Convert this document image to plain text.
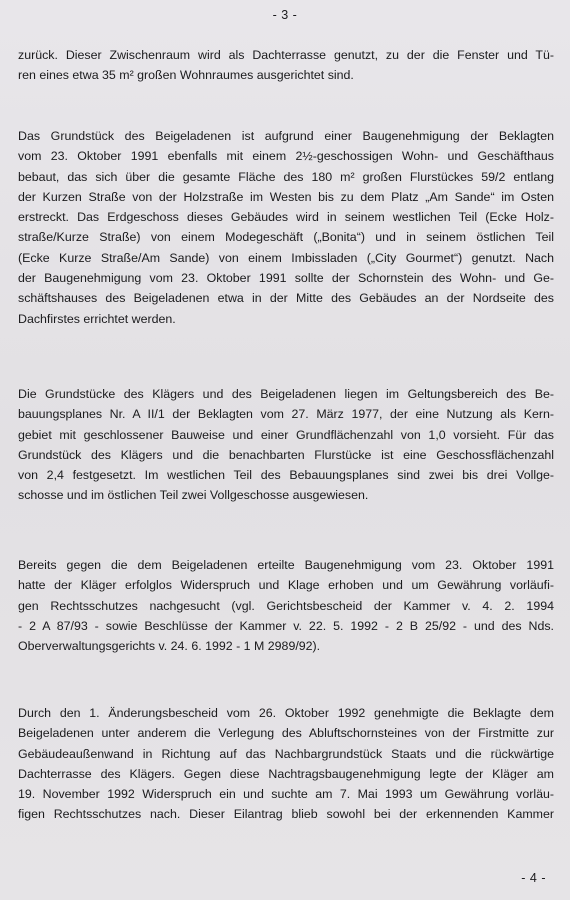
- 3 -
zurück. Dieser Zwischenraum wird als Dachterrasse genutzt, zu der die Fenster und Tü-
ren eines etwa 35 m² großen Wohnraumes ausgerichtet sind.
Das Grundstück des Beigeladenen ist aufgrund einer Baugenehmigung der Beklagten
vom 23. Oktober 1991 ebenfalls mit einem 2½-geschossigen Wohn- und Geschäfthaus
bebaut, das sich über die gesamte Fläche des 180 m² großen Flurstückes 59/2 entlang
der Kurzen Straße von der Holzstraße im Westen bis zu dem Platz „Am Sande“ im Osten
erstreckt. Das Erdgeschoss dieses Gebäudes wird in seinem westlichen Teil (Ecke Holz-
straße/Kurze Straße) von einem Modegeschäft („Bonita“) und in seinem östlichen Teil
(Ecke Kurze Straße/Am Sande) von einem Imbissladen („City Gourmet“) genutzt. Nach
der Baugenehmigung vom 23. Oktober 1991 sollte der Schornstein des Wohn- und Ge-
schäftshauses des Beigeladenen etwa in der Mitte des Gebäudes an der Nordseite des
Dachfirstes errichtet werden.
Die Grundstücke des Klägers und des Beigeladenen liegen im Geltungsbereich des Be-
bauungsplanes Nr. A II/1 der Beklagten vom 27. März 1977, der eine Nutzung als Kern-
gebiet mit geschlossener Bauweise und einer Grundflächenzahl von 1,0 vorsieht. Für das
Grundstück des Klägers und die benachbarten Flurstücke ist eine Geschossflächenzahl
von 2,4 festgesetzt. Im westlichen Teil des Bebauungsplanes sind zwei bis drei Vollge-
schosse und im östlichen Teil zwei Vollgeschosse ausgewiesen.
Bereits gegen die dem Beigeladenen erteilte Baugenehmigung vom 23. Oktober 1991
hatte der Kläger erfolglos Widerspruch und Klage erhoben und um Gewährung vorläufi-
gen Rechtsschutzes nachgesucht (vgl. Gerichtsbescheid der Kammer v. 4. 2. 1994
- 2 A 87/93 - sowie Beschlüsse der Kammer v. 22. 5. 1992 - 2 B 25/92 - und des Nds.
Oberverwaltungsgerichts v. 24. 6. 1992 - 1 M 2989/92).
Durch den 1. Änderungsbescheid vom 26. Oktober 1992 genehmigte die Beklagte dem
Beigeladenen unter anderem die Verlegung des Abluftschornsteines von der Firstmitte zur
Gebäudeaußenwand in Richtung auf das Nachbargrundstück Staats und die rückwärtige
Dachterrasse des Klägers. Gegen diese Nachtragsbaugenehmigung legte der Kläger am
19. November 1992 Widerspruch ein und suchte am 7. Mai 1993 um Gewährung vorläu-
figen Rechtsschutzes nach. Dieser Eilantrag blieb sowohl bei der erkennenden Kammer
- 4 -
